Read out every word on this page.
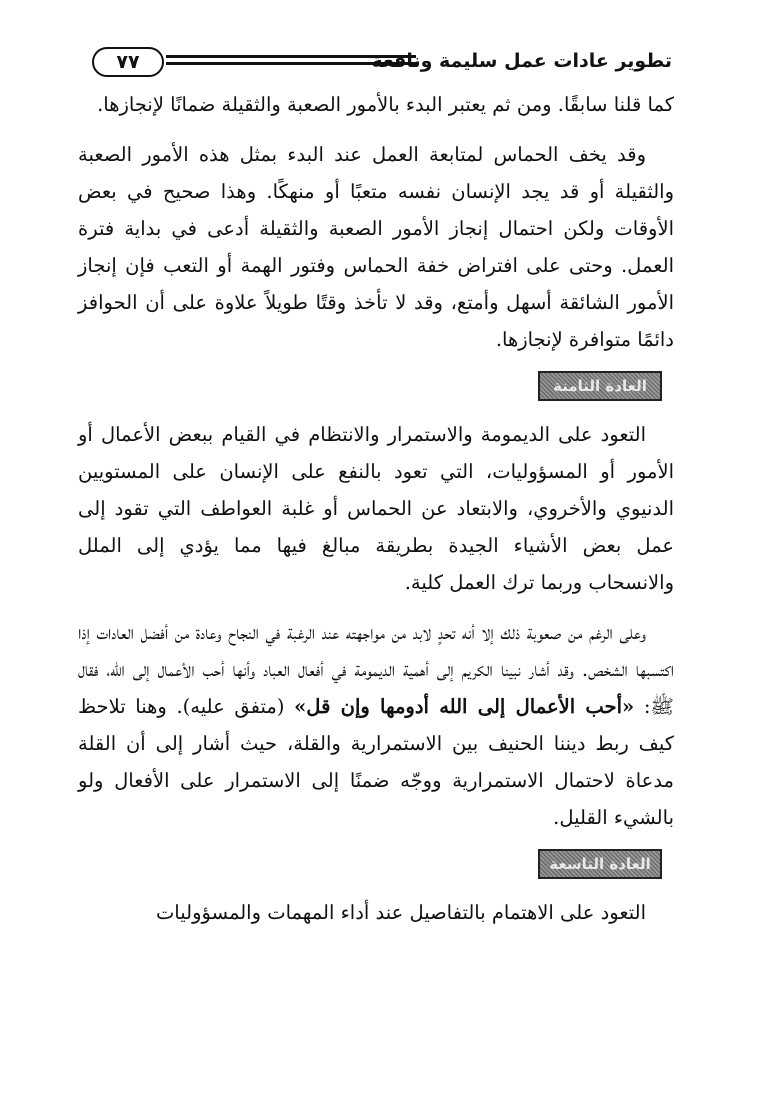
٧٧	تطوير عادات عمل سليمة ونافعة

كما قلنا سابقًا. ومن ثم يعتبر البدء بالأمور الصعبة والثقيلة ضمانًا لإنجازها.

وقد يخف الحماس لمتابعة العمل عند البدء بمثل هذه الأمور الصعبة والثقيلة أو قد يجد الإنسان نفسه متعبًا أو منهكًا. وهذا صحيح في بعض الأوقات ولكن احتمال إنجاز الأمور الصعبة والثقيلة أدعى في بداية فترة العمل. وحتى على افتراض خفة الحماس وفتور الهمة أو التعب فإن إنجاز الأمور الشائقة أسهل وأمتع، وقد لا تأخذ وقتًا طويلاً علاوة على أن الحوافز دائمًا متوافرة لإنجازها.

العادة الثامنة

التعود على الديمومة والاستمرار والانتظام في القيام ببعض الأعمال أو الأمور أو المسؤوليات، التي تعود بالنفع على الإنسان على المستويين الدنيوي والأخروي، والابتعاد عن الحماس أو غلبة العواطف التي تقود إلى عمل بعض الأشياء الجيدة بطريقة مبالغ فيها مما يؤدي إلى الملل والانسحاب وربما ترك العمل كلية.

وعلى الرغم من صعوبة ذلك إلا أنه تحدٍ لابد من مواجهته عند الرغبة في النجاح وعادة من أفضل العادات إذا اكتسبها الشخص. وقد أشار نبينا الكريم إلى أهمية الديمومة في أفعال العباد وأنها أحب الأعمال إلى الله، فقال ﷺ: «أحب الأعمال إلى الله أدومها وإن قل» (متفق عليه). وهنا تلاحظ كيف ربط ديننا الحنيف بين الاستمرارية والقلة، حيث أشار إلى أن القلة مدعاة لاحتمال الاستمرارية ووجّه ضمنًا إلى الاستمرار على الأفعال ولو بالشيء القليل.

العادة التاسعة

التعود على الاهتمام بالتفاصيل عند أداء المهمات والمسؤوليات
